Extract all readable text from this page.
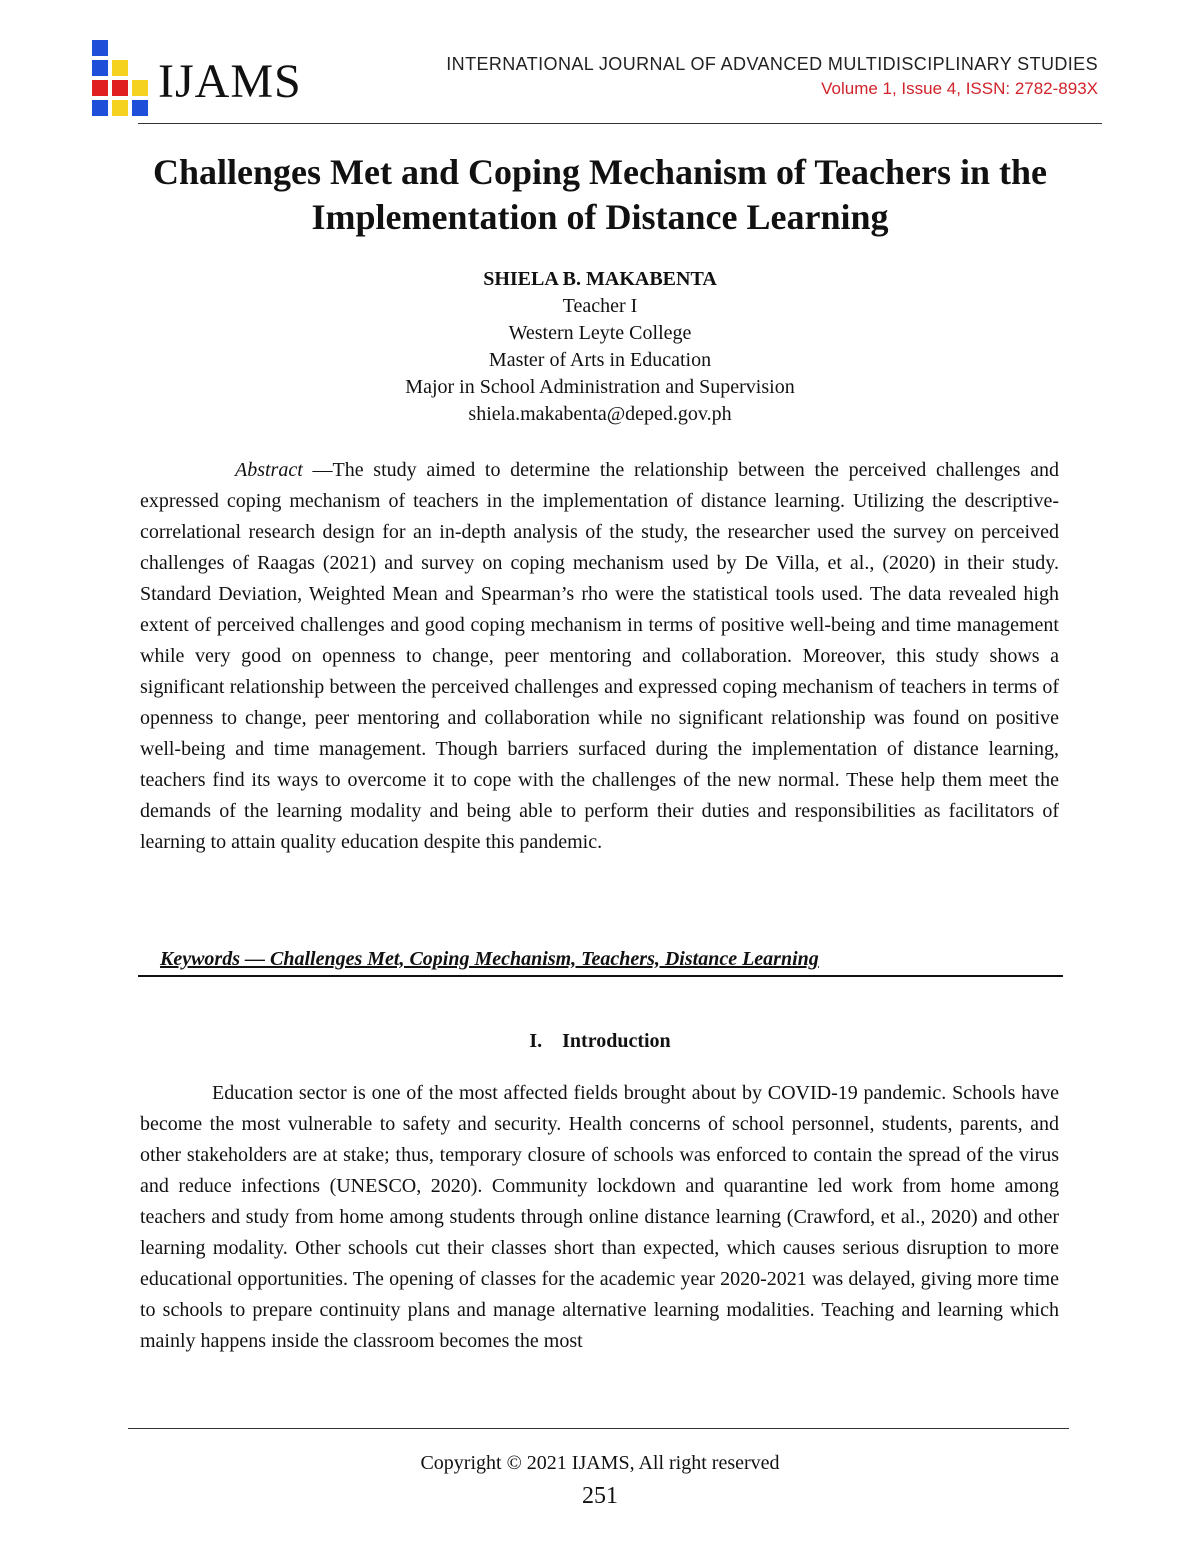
IJAMS	INTERNATIONAL JOURNAL OF ADVANCED MULTIDISCIPLINARY STUDIES
Volume 1, Issue 4, ISSN: 2782-893X
Challenges Met and Coping Mechanism of Teachers in the Implementation of Distance Learning
SHIELA B. MAKABENTA
Teacher I
Western Leyte College
Master of Arts in Education
Major in School Administration and Supervision
shiela.makabenta@deped.gov.ph

Abstract —The study aimed to determine the relationship between the perceived challenges and expressed coping mechanism of teachers in the implementation of distance learning. Utilizing the descriptive-correlational research design for an in-depth analysis of the study, the researcher used the survey on perceived challenges of Raagas (2021) and survey on coping mechanism used by De Villa, et al., (2020) in their study. Standard Deviation, Weighted Mean and Spearman’s rho were the statistical tools used. The data revealed high extent of perceived challenges and good coping mechanism in terms of positive well-being and time management while very good on openness to change, peer mentoring and collaboration. Moreover, this study shows a significant relationship between the perceived challenges and expressed coping mechanism of teachers in terms of openness to change, peer mentoring and collaboration while no significant relationship was found on positive well-being and time management. Though barriers surfaced during the implementation of distance learning, teachers find its ways to overcome it to cope with the challenges of the new normal. These help them meet the demands of the learning modality and being able to perform their duties and responsibilities as facilitators of learning to attain quality education despite this pandemic.

Keywords — Challenges Met, Coping Mechanism, Teachers, Distance Learning
I. Introduction

Education sector is one of the most affected fields brought about by COVID-19 pandemic. Schools have become the most vulnerable to safety and security. Health concerns of school personnel, students, parents, and other stakeholders are at stake; thus, temporary closure of schools was enforced to contain the spread of the virus and reduce infections (UNESCO, 2020). Community lockdown and quarantine led work from home among teachers and study from home among students through online distance learning (Crawford, et al., 2020) and other learning modality. Other schools cut their classes short than expected, which causes serious disruption to more educational opportunities. The opening of classes for the academic year 2020-2021 was delayed, giving more time to schools to prepare continuity plans and manage alternative learning modalities. Teaching and learning which mainly happens inside the classroom becomes the most

Copyright © 2021 IJAMS, All right reserved
251
